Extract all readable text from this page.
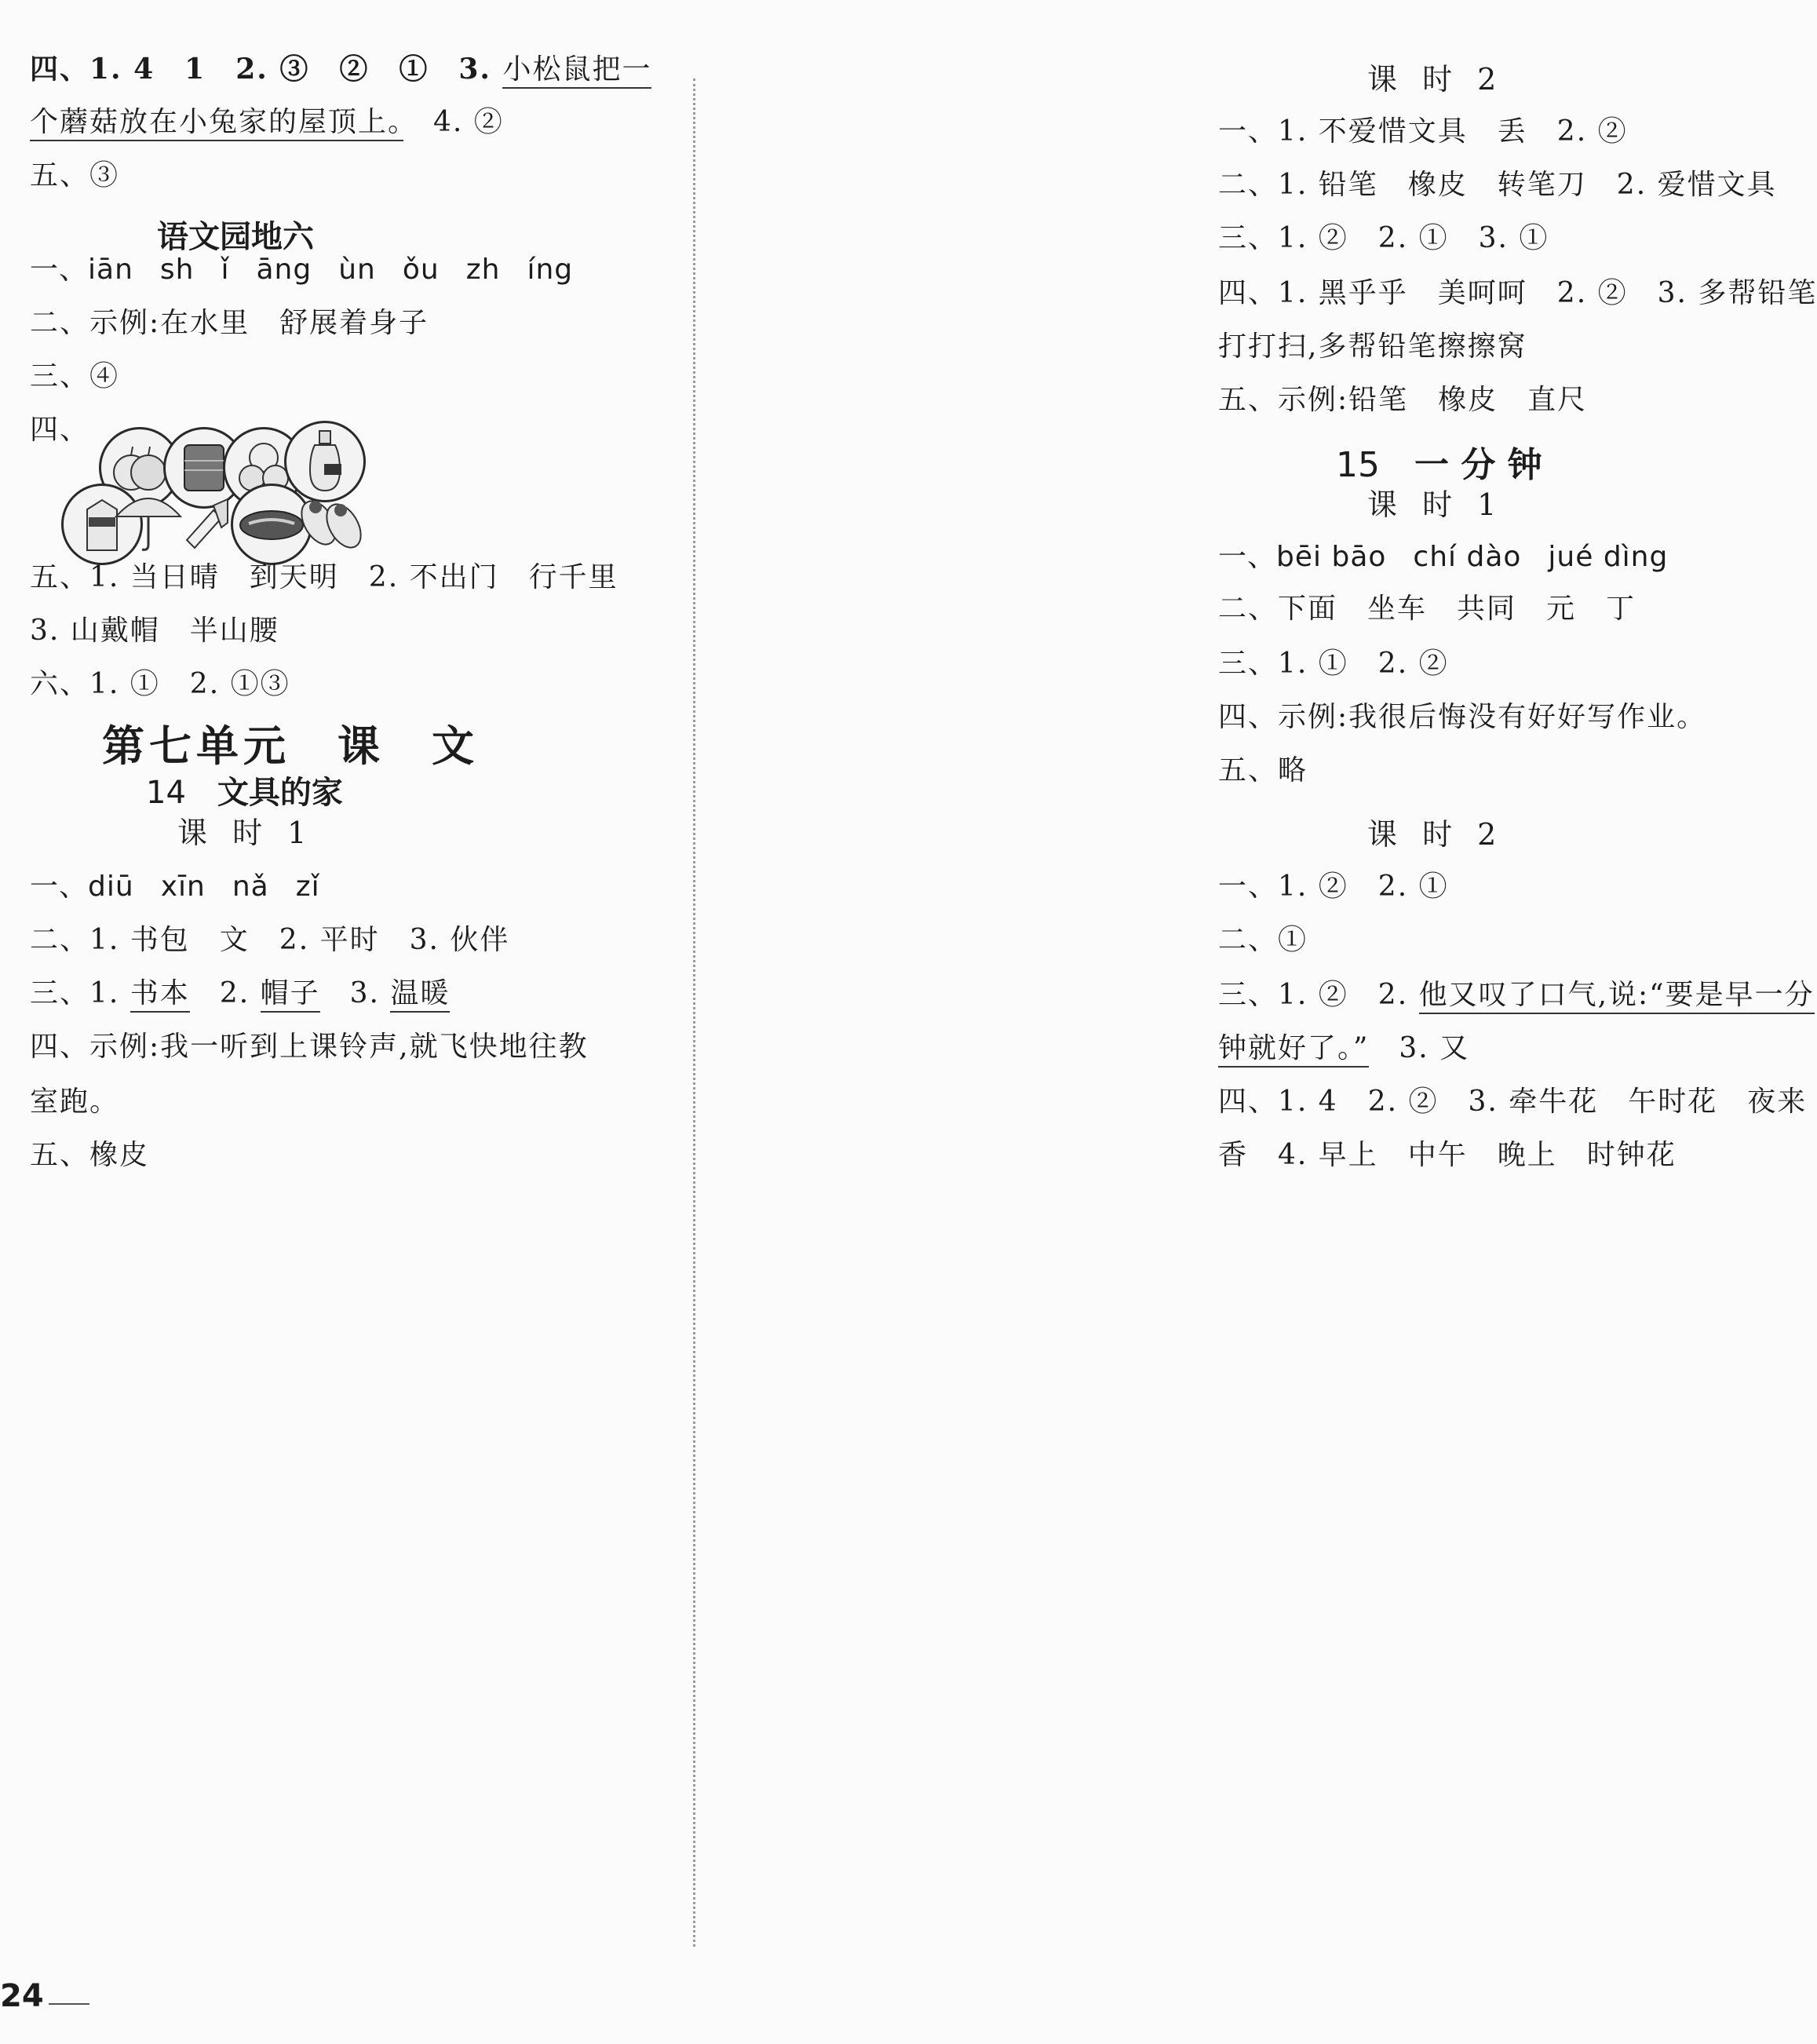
四、1. 4　1　2. ③　②　①　3. 小松鼠把一
个蘑菇放在小兔家的屋顶上。　4. ②
五、③
语文园地六
一、iān sh ǐ āng ùn ǒu zh íng
二、示例:在水里　舒展着身子
三、④
四、
五、1. 当日晴　到天明　2. 不出门　行千里
3. 山戴帽　半山腰
六、1. ①　2. ①③
第七单元　课　文
14　 文具的家
课 时 1
一、diū xīn nǎ zǐ
二、1. 书包　文　2. 平时　3. 伙伴
三、1. 书本　2. 帽子　3. 温暖
四、示例:我一听到上课铃声,就飞快地往教
室跑。
五、橡皮
课 时 2
一、1. 不爱惜文具　丢　2. ②
二、1. 铅笔　橡皮　转笔刀　2. 爱惜文具
三、1. ②　2. ①　3. ①
四、1. 黑乎乎　美呵呵　2. ②　3. 多帮铅笔
打打扫,多帮铅笔擦擦窝
五、示例:铅笔　橡皮　直尺
15　 一 分 钟
课 时 1
一、bēi bāo chí dào jué dìng
二、下面　坐车　共同　元　丁
三、1. ①　2. ②
四、示例:我很后悔没有好好写作业。
五、略
课 时 2
一、1. ②　2. ①
二、①
三、1. ②　2. 他又叹了口气,说:“要是早一分
钟就好了。”　3. 又
四、1. 4　2. ②　3. 牵牛花　午时花　夜来
香　4. 早上　中午　晚上　时钟花
24
